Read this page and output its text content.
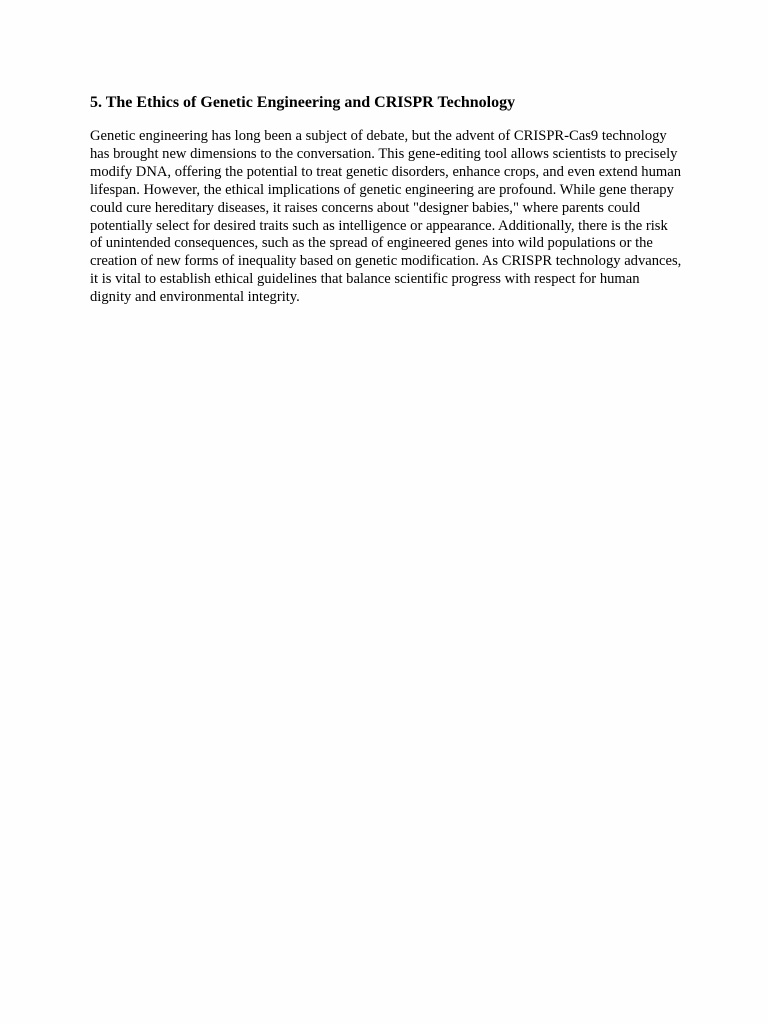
5. The Ethics of Genetic Engineering and CRISPR Technology

Genetic engineering has long been a subject of debate, but the advent of CRISPR-Cas9 technology has brought new dimensions to the conversation. This gene-editing tool allows scientists to precisely modify DNA, offering the potential to treat genetic disorders, enhance crops, and even extend human lifespan. However, the ethical implications of genetic engineering are profound. While gene therapy could cure hereditary diseases, it raises concerns about "designer babies," where parents could potentially select for desired traits such as intelligence or appearance. Additionally, there is the risk of unintended consequences, such as the spread of engineered genes into wild populations or the creation of new forms of inequality based on genetic modification. As CRISPR technology advances, it is vital to establish ethical guidelines that balance scientific progress with respect for human dignity and environmental integrity.
